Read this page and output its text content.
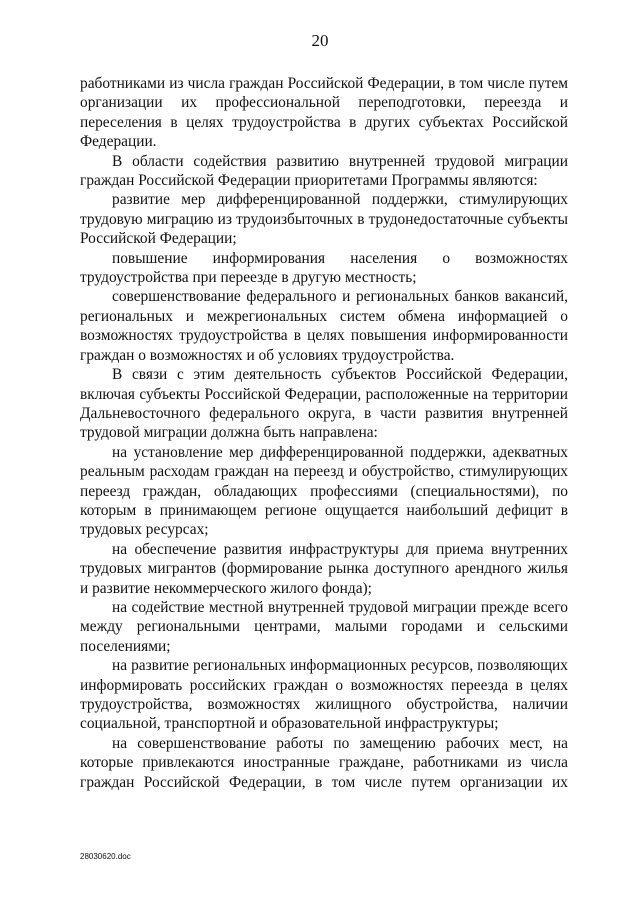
20

работниками из числа граждан Российской Федерации, в том числе путем организации их профессиональной переподготовки, переезда и переселения в целях трудоустройства в других субъектах Российской Федерации.

В области содействия развитию внутренней трудовой миграции граждан Российской Федерации приоритетами Программы являются:

развитие мер дифференцированной поддержки, стимулирующих трудовую миграцию из трудоизбыточных в трудонедостаточные субъекты Российской Федерации;

повышение информирования населения о возможностях трудоустройства при переезде в другую местность;

совершенствование федерального и региональных банков вакансий, региональных и межрегиональных систем обмена информацией о возможностях трудоустройства в целях повышения информированности граждан о возможностях и об условиях трудоустройства.

В связи с этим деятельность субъектов Российской Федерации, включая субъекты Российской Федерации, расположенные на территории Дальневосточного федерального округа, в части развития внутренней трудовой миграции должна быть направлена:

на установление мер дифференцированной поддержки, адекватных реальным расходам граждан на переезд и обустройство, стимулирующих переезд граждан, обладающих профессиями (специальностями), по которым в принимающем регионе ощущается наибольший дефицит в трудовых ресурсах;

на обеспечение развития инфраструктуры для приема внутренних трудовых мигрантов (формирование рынка доступного арендного жилья и развитие некоммерческого жилого фонда);

на содействие местной внутренней трудовой миграции прежде всего между региональными центрами, малыми городами и сельскими поселениями;

на развитие региональных информационных ресурсов, позволяющих информировать российских граждан о возможностях переезда в целях трудоустройства, возможностях жилищного обустройства, наличии социальной, транспортной и образовательной инфраструктуры;

на совершенствование работы по замещению рабочих мест, на которые привлекаются иностранные граждане, работниками из числа граждан Российской Федерации, в том числе путем организации их

28030620.doc
